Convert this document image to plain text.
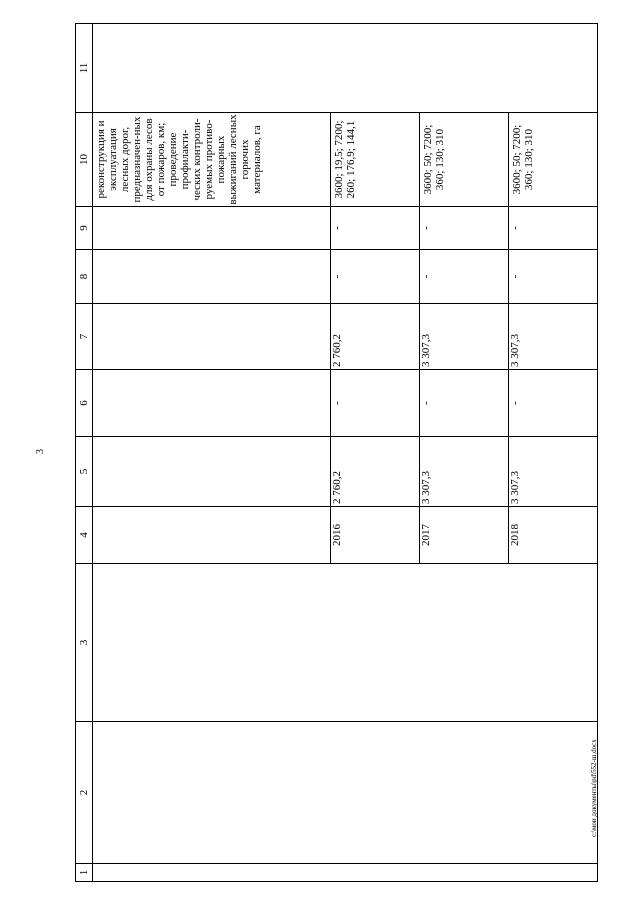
3
1	2	3	4	5	6	7	8	9	10	11
									реконструкция и эксплуатация лесных дорог, предназначен-ных для охраны лесов от пожаров, км; проведение профилакти-ческих контроли-руемых противо-пожарных выжиганий лесных горючих материалов, га	
			2016	2 760,2	-	2 760,2	-	-	3600; 19,5; 7200; 260; 176,9; 144,1	
			2017	3 307,3	-	3 307,3	-	-	3600; 50; 7200; 360; 130; 310	
			2018	3 307,3	-	3 307,3	-	-	3600; 50; 7200; 360; 130; 310	
c:\мои документы\pd\552-ш.docx
